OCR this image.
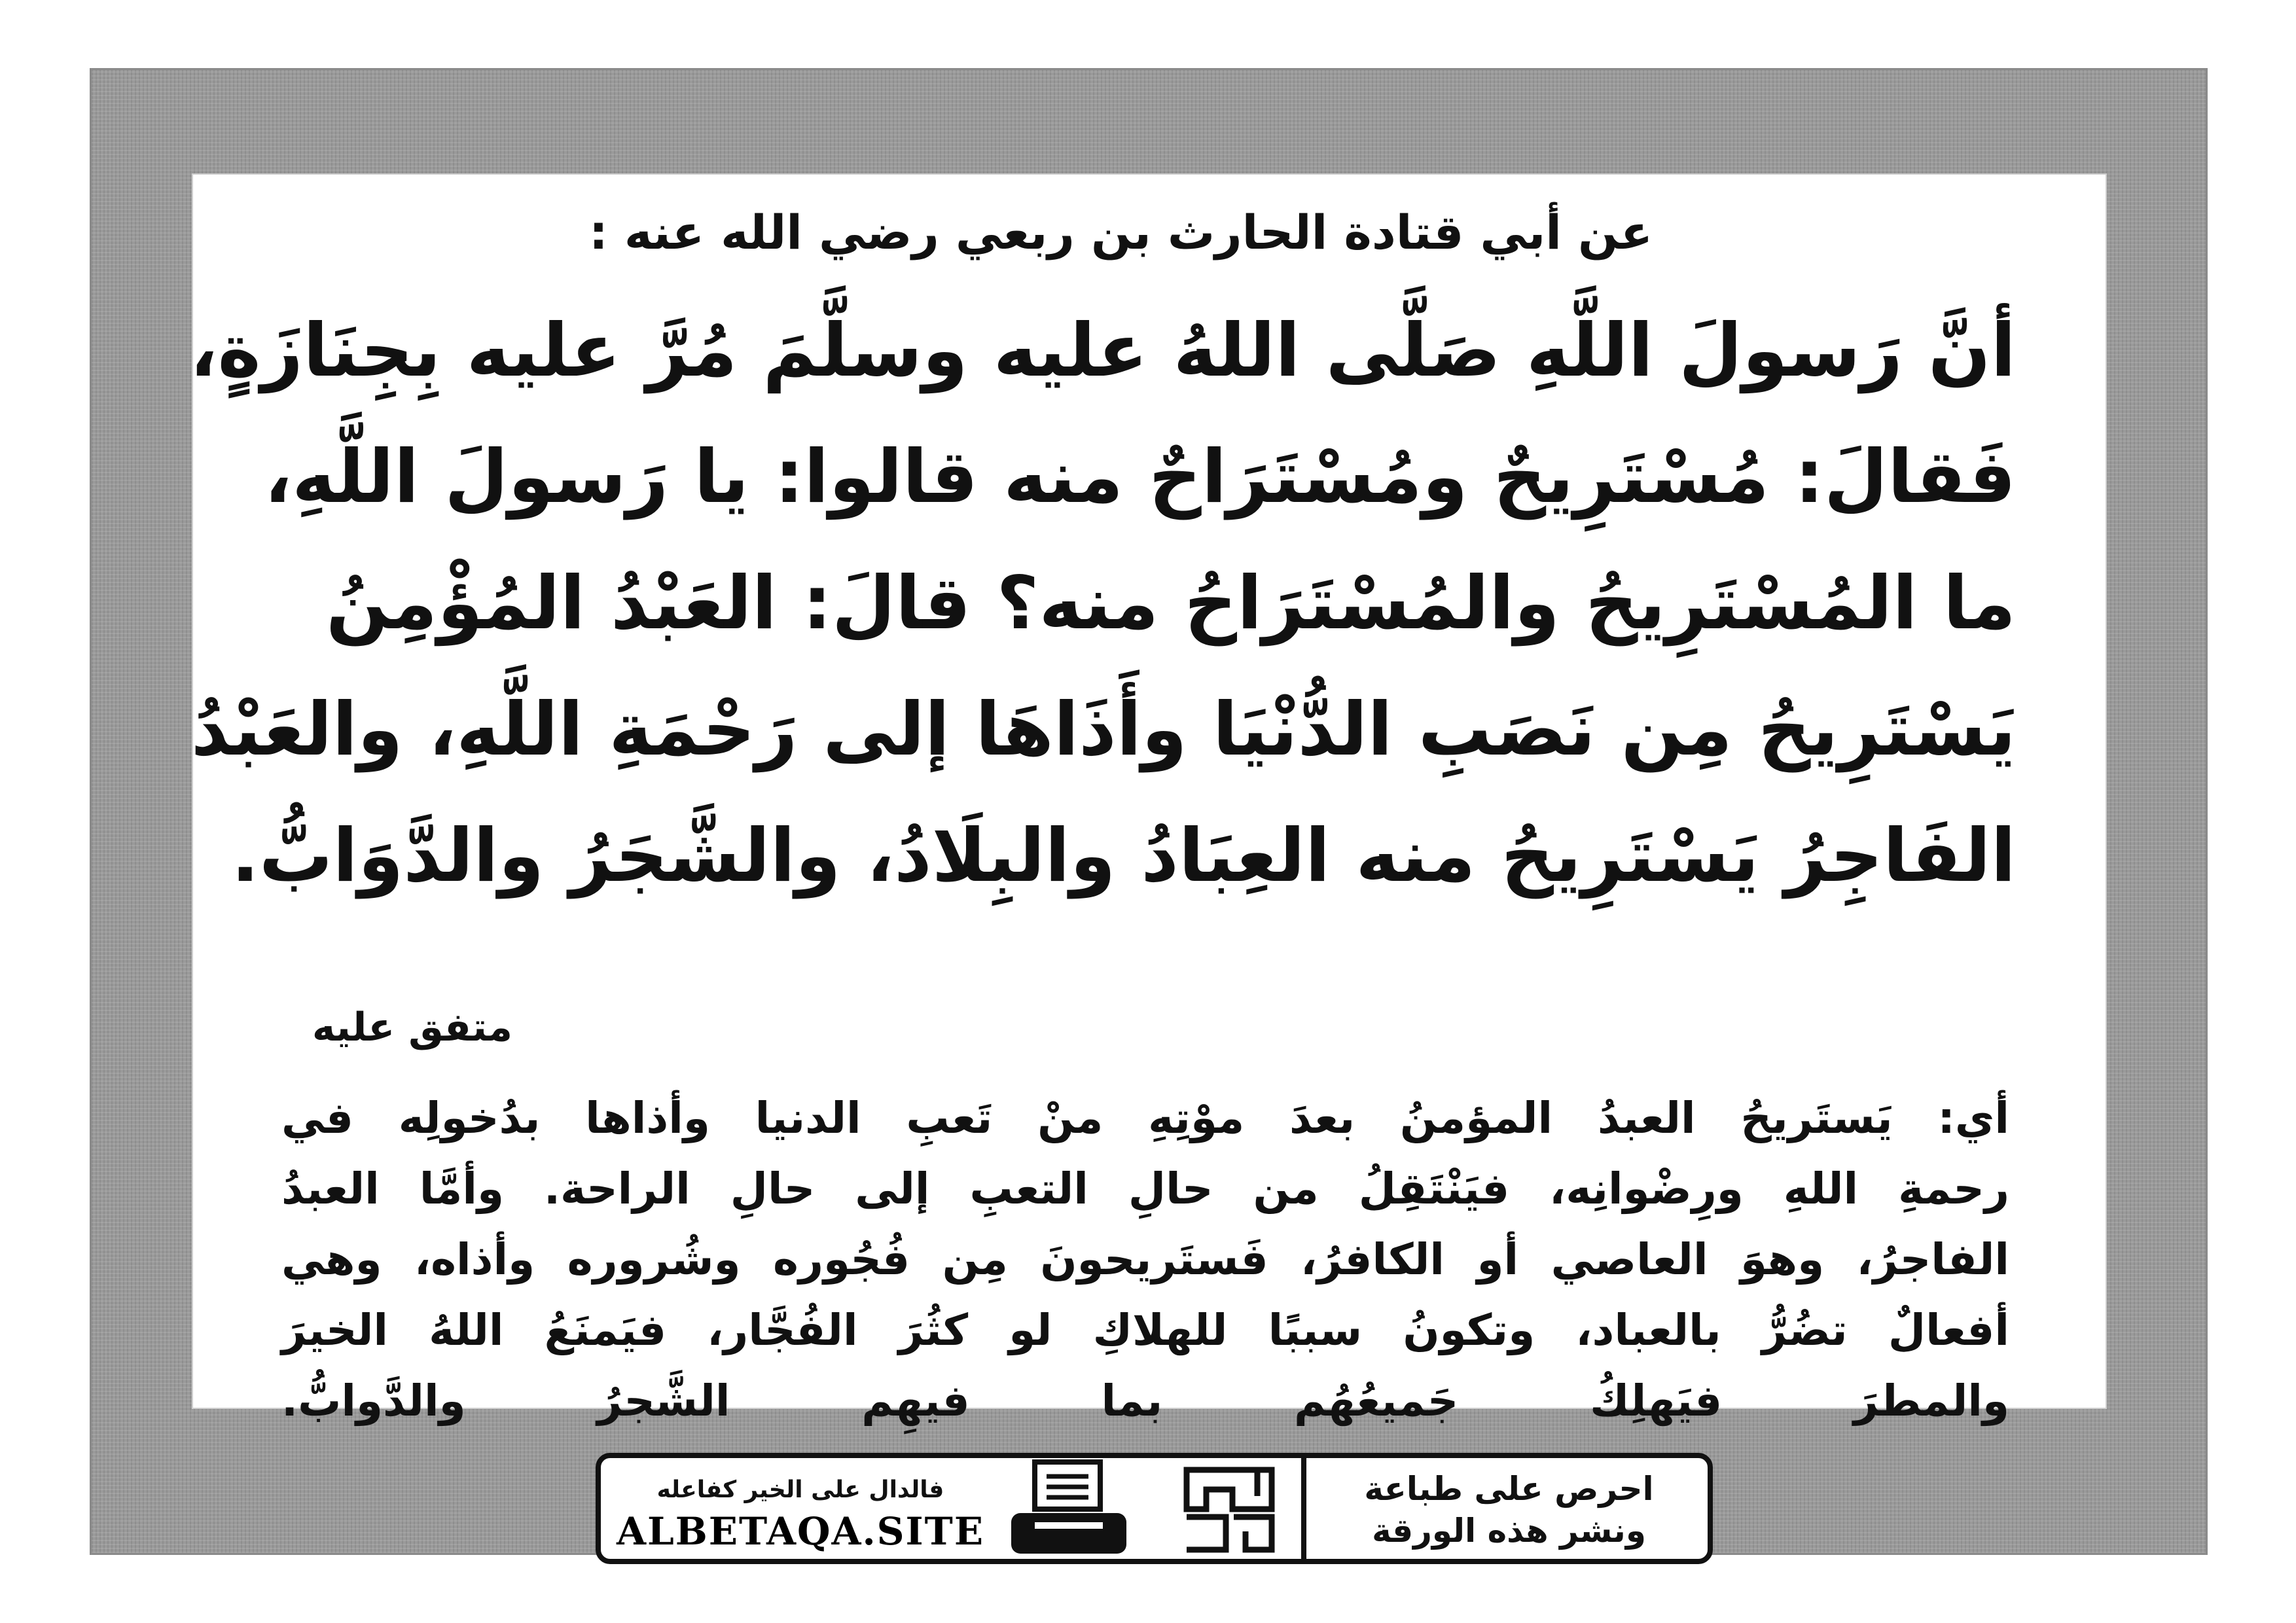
عن أبي قتادة الحارث بن ربعي رضي الله عنه :
أنَّ رَسولَ اللَّهِ صَلَّى اللهُ عليه وسلَّمَ مُرَّ عليه بِجِنَازَةٍ،
فَقالَ: مُسْتَرِيحٌ ومُسْتَرَاحٌ منه قالوا: يا رَسولَ اللَّهِ،
ما المُسْتَرِيحُ والمُسْتَرَاحُ منه؟ قالَ: العَبْدُ المُؤْمِنُ
يَسْتَرِيحُ مِن نَصَبِ الدُّنْيَا وأَذَاهَا إلى رَحْمَةِ اللَّهِ، والعَبْدُ
الفَاجِرُ يَسْتَرِيحُ منه العِبَادُ والبِلَادُ، والشَّجَرُ والدَّوَابُّ.
متفق عليه
أي: يَستَريحُ العبدُ المؤمنُ بعدَ موْتِهِ منْ تَعبِ الدنيا وأذاها بدُخولِه في
رحمةِ اللهِ ورِضْوانِه، فيَنْتَقِلُ من حالِ التعبِ إلى حالِ الراحة. وأمَّا العبدُ
الفاجرُ، وهوَ العاصي أو الكافرُ، فَستَريحونَ مِن فُجُوره وشُروره وأذاه، وهي
أفعالٌ تضُرُّ بالعباد، وتكونُ سببًا للهلاكِ لو كثُرَ الفُجَّار، فيَمنَعُ اللهُ الخيرَ
والمطرَ فيَهلِكُ جَميعُهُم بما فيهِم الشَّجرُ والدَّوابُّ.
فالدال على الخير كفاعله
ALBETAQA.SITE
احرص على طباعة
ونشر هذه الورقة
